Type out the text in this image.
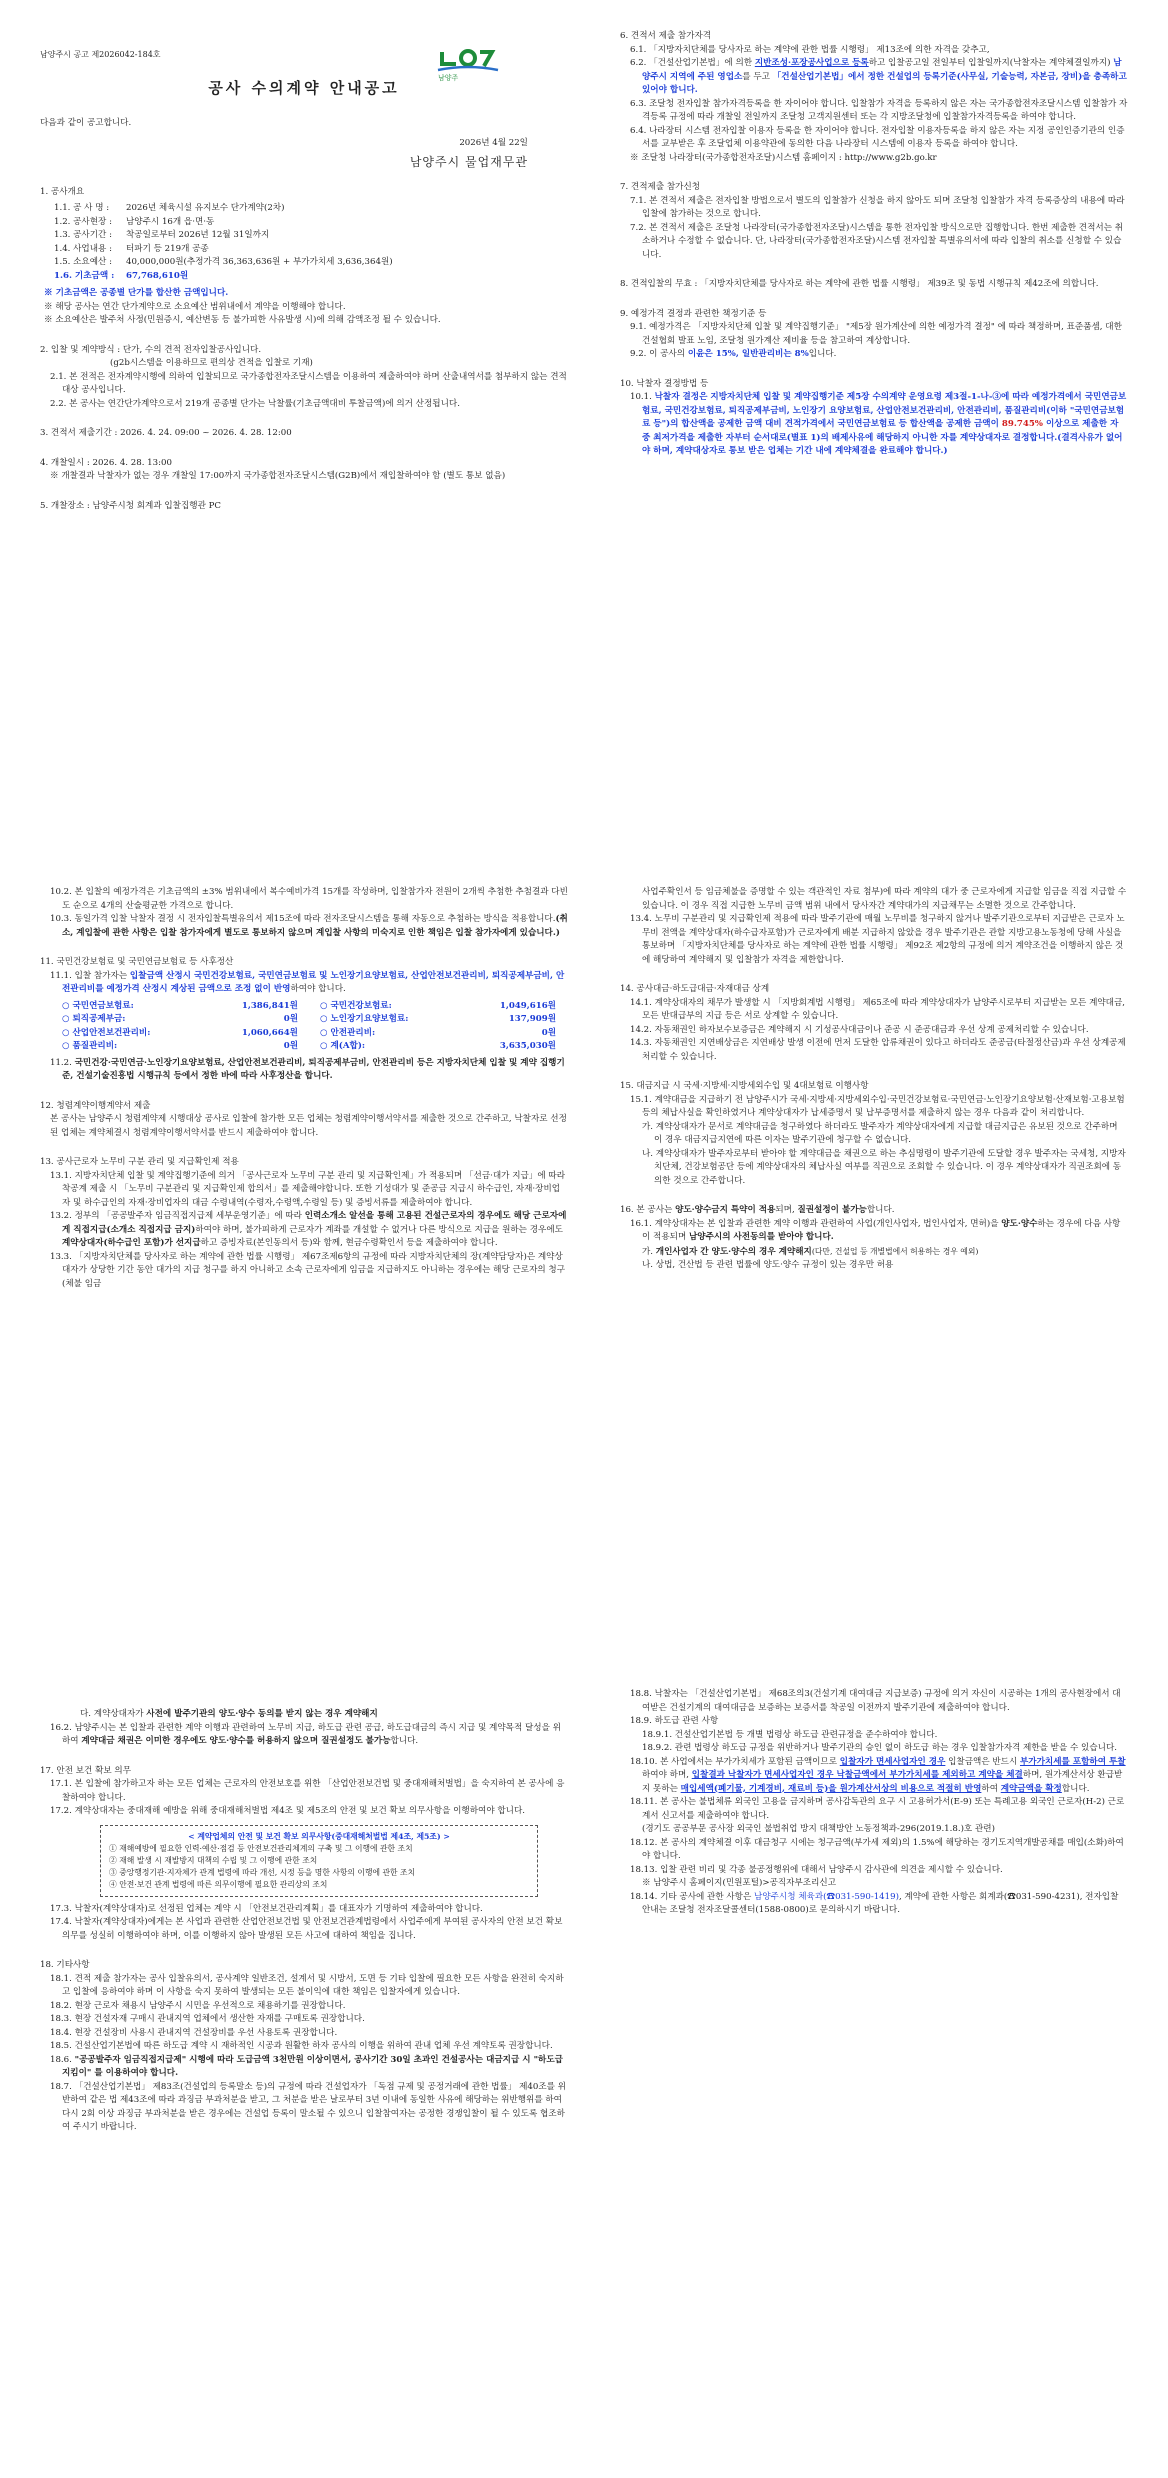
남양주

남양주시 공고 제2026042-184호

공사 수의계약 안내공고

다음과 같이 공고합니다.

2026년 4월 22일

남양주시 물업재무관

1. 공사개요

1.1. 공 사 명 :	2026년 체육시설 유지보수 단가계약(2차)
1.2. 공사현장 :	남양주시 16개 읍·면·동
1.3. 공사기간 :	착공일로부터 2026년 12월 31일까지
1.4. 사업내용 :	터파기 등 219개 공종
1.5. 소요예산 :	40,000,000원(추정가격 36,363,636원 + 부가가치세 3,636,364원)
1.6. 기초금액 :	67,768,610원

※ 기초금액은 공종별 단가를 합산한 금액입니다.

※ 해당 공사는 연간 단가계약으로 소요예산 범위내에서 계약을 이행해야 합니다.

※ 소요예산은 발주처 사정(민원증시, 예산변동 등 불가피한 사유발생 시)에 의해 감액조정 될 수 있습니다.

2. 입찰 및 계약방식 : 단가, 수의 견적 전자입찰공사입니다.

(g2b시스템을 이용하므로 편의상 견적을 입찰로 기재)

2.1. 본 전적은 전자계약시행에 의하여 입찰되므로 국가종합전자조달시스템을 이용하여 제출하여야 하며 산출내역서를 첨부하지 않는 견적대상 공사입니다.

2.2. 본 공사는 연간단가계약으로서 219개 공종별 단가는 낙찰률(기초금액대비 투찰금액)에 의거 산정됩니다.

3. 견적서 제출기간 : 2026. 4. 24. 09:00 ~ 2026. 4. 28. 12:00

4. 개찰일시 : 2026. 4. 28. 13:00

※ 개찰결과 낙찰자가 없는 경우 개찰일 17:00까지 국가종합전자조달시스템(G2B)에서 재입찰하여야 함 (별도 통보 없음)

5. 개찰장소 : 남양주시청 회계과 입찰집행관 PC

6. 견적서 제출 참가자격

6.1. 「지방자치단체를 당사자로 하는 계약에 관한 법률 시행령」 제13조에 의한 자격을 갖추고,

6.2. 「건설산업기본법」에 의한 지반조성·포장공사업으로 등록하고 입찰공고일 전일부터 입찰일까지(낙찰자는 계약체결일까지) 남양주시 지역에 주된 영업소를 두고 「건설산업기본법」에서 정한 건설업의 등록기준(사무실, 기술능력, 자본금, 장비)을 충족하고 있어야 합니다.

6.3. 조달청 전자입찰 참가자격등록을 한 자이어야 합니다. 입찰참가 자격을 등록하지 않은 자는 국가종합전자조달시스템 입찰참가 자격등록 규정에 따라 개찰일 전일까지 조달청 고객지원센터 또는 각 지방조달청에 입찰참가자격등록을 하여야 합니다.

6.4. 나라장터 시스템 전자입찰 이용자 등록을 한 자이어야 합니다. 전자입찰 이용자등록을 하지 않은 자는 지정 공인인증기관의 인증서를 교부받은 후 조달업체 이용약관에 동의한 다음 나라장터 시스템에 이용자 등록을 하여야 합니다.

※ 조달청 나라장터(국가종합전자조달)시스템 홈페이지 : http://www.g2b.go.kr

7. 견적제출 참가신청

7.1. 본 견적서 제출은 전자입찰 방법으로서 별도의 입찰참가 신청을 하지 않아도 되며 조달청 입찰참가 자격 등록증상의 내용에 따라 입찰에 참가하는 것으로 합니다.

7.2. 본 견적서 제출은 조달청 나라장터(국가종합전자조달)시스템을 통한 전자입찰 방식으로만 집행합니다. 한번 제출한 견적서는 취소하거나 수정할 수 없습니다. 단, 나라장터(국가종합전자조달)시스템 전자입찰 특별유의서에 따라 입찰의 취소를 신청할 수 있습니다.

8. 견적입찰의 무효 : 「지방자치단체를 당사자로 하는 계약에 관한 법률 시행령」 제39조 및 동법 시행규칙 제42조에 의합니다.

9. 예정가격 결정과 관련한 책정기준 등

9.1. 예정가격은 「지방자치단체 입찰 및 계약집행기준」 "제5장 원가계산에 의한 예정가격 결정" 에 따라 책정하며, 표준품셈, 대한건설협회 발표 노임, 조달청 원가계산 제비율 등을 참고하여 계상합니다.

9.2. 이 공사의 이윤은 15%, 일반관리비는 8%입니다.

10. 낙찰자 결정방법 등

10.1. 낙찰자 결정은 지방자치단체 입찰 및 계약집행기준 제5장 수의계약 운영요령 제3절-1-나-③에 따라 예정가격에서 국민연금보험료, 국민건강보험료, 퇴직공제부금비, 노인장기 요양보험료, 산업안전보건관리비, 안전관리비, 품질관리비(이하 "국민연금보험료 등")의 합산액을 공제한 금액 대비 견적가격에서 국민연금보험료 등 합산액을 공제한 금액이 89.745% 이상으로 제출한 자 중 최저가격을 제출한 자부터 순서대로(별표 1)의 배제사유에 해당하지 아니한 자를 계약상대자로 결정합니다.(결격사유가 없어야 하며, 계약대상자로 통보 받은 업체는 기간 내에 계약체결을 완료해야 합니다.)

10.2. 본 입찰의 예정가격은 기초금액의 ±3% 범위내에서 복수예비가격 15개를 작성하며, 입찰참가자 전원이 2개씩 추첨한 추첨결과 다빈도 순으로 4개의 산술평균한 가격으로 합니다.

10.3. 동일가격 입찰 낙찰자 결정 시 전자입찰특별유의서 제15조에 따라 전자조달시스템을 통해 자동으로 추첨하는 방식을 적용합니다.(취소, 계입찰에 관한 사항은 입찰 참가자에게 별도로 통보하지 않으며 계입찰 사항의 미숙지로 인한 책임은 입찰 참가자에게 있습니다.)

11. 국민건강보험료 및 국민연금보험료 등 사후정산

11.1. 입찰 참가자는 입찰금액 산정시 국민건강보험료, 국민연금보험료 및 노인장기요양보험료, 산업안전보건관리비, 퇴직공제부금비, 안전관리비를 예정가격 산정시 계상된 금액으로 조정 없이 반영하여야 합니다.

○ 국민연금보험료:	1,386,841원	○ 국민건강보험료:	1,049,616원
○ 퇴직공제부금:	0원	○ 노인장기요양보험료:	137,909원
○ 산업안전보건관리비:	1,060,664원	○ 안전관리비:	0원
○ 품질관리비:	0원	○ 계(A합):	3,635,030원

11.2. 국민건강·국민연금·노인장기요양보험료, 산업안전보건관리비, 퇴직공제부금비, 안전관리비 등은 지방자치단체 입찰 및 계약 집행기준, 건설기술진흥법 시행규칙 등에서 정한 바에 따라 사후정산을 합니다.

12. 청렴계약이행계약서 제출

본 공사는 남양주시 청렴계약제 시행대상 공사로 입찰에 참가한 모든 업체는 청렴계약이행서약서를 제출한 것으로 간주하고, 낙찰자로 선정된 업체는 계약체결시 청렴계약이행서약서를 반드시 제출하여야 합니다.

13. 공사근로자 노무비 구분 관리 및 지급확인제 적용

13.1. 지방자치단체 입찰 및 계약집행기준에 의거 「공사근로자 노무비 구분 관리 및 지급확인제」가 적용되며 「선금·대가 지급」에 따라 착공계 제출 시 「노무비 구분관리 및 지급확인제 합의서」를 제출해야합니다. 또한 기성대가 및 준공금 지급시 하수급인, 자재·장비업자 및 하수급인의 자재·장비업자의 대금 수령내역(수령자,수령액,수령일 등) 및 증빙서류를 제출하여야 합니다.

13.2. 정부의 「공공발주자 임금직접지급제 세부운영기준」에 따라 인력소개소 알선을 통해 고용된 건설근로자의 경우에도 해당 근로자에게 직접지급(소개소 직접지급 금지)하여야 하며, 불가피하게 근로자가 계좌를 개설할 수 없거나 다른 방식으로 지급을 원하는 경우에도 계약상대자(하수급인 포함)가 선지급하고 증빙자료(본인동의서 등)와 함께, 현금수령확인서 등을 제출하여야 합니다.

13.3. 「지방자치단체를 당사자로 하는 계약에 관한 법률 시행령」 제67조제6항의 규정에 따라 지방자치단체의 장(계약담당자)은 계약상대자가 상당한 기간 동안 대가의 지급 청구를 하지 아니하고 소속 근로자에게 임금을 지급하지도 아니하는 경우에는 해당 근로자의 청구(체불 임금

사업주확인서 등 임금체불을 증명할 수 있는 객관적인 자료 첨부)에 따라 계약의 대가 중 근로자에게 지급할 임금을 직접 지급할 수 있습니다. 이 경우 직접 지급한 노무비 금액 범위 내에서 당사자간 계약대가의 지급채무는 소멸한 것으로 간주합니다.

13.4. 노무비 구분관리 및 지급확인제 적용에 따라 발주기관에 매월 노무비를 청구하지 않거나 발주기관으로부터 지급받은 근로자 노무비 전액을 계약상대자(하수급자포함)가 근로자에게 배분 지급하지 않았을 경우 발주기관은 관할 지방고용노동청에 당해 사실을 통보하며 「지방자치단체를 당사자로 하는 계약에 관한 법률 시행령」 제92조 제2항의 규정에 의거 계약조건을 이행하지 않은 것에 해당하여 계약해지 및 입찰참가 자격을 제한합니다.

14. 공사대금·하도급대금·자재대금 상계

14.1. 계약상대자의 채무가 발생할 시 「지방회계법 시행령」 제65조에 따라 계약상대자가 남양주시로부터 지급받는 모든 계약대금, 모든 반대급부의 지급 등은 서로 상계할 수 있습니다.

14.2. 자동채권인 하자보수보증금은 계약해지 시 기성공사대금이나 준공 시 준공대금과 우선 상계 공제처리할 수 있습니다.

14.3. 자동채권인 지연배상금은 지연배상 발생 이전에 먼저 도달한 압류채권이 있다고 하더라도 준공금(타절정산금)과 우선 상계공제처리할 수 있습니다.

15. 대금지급 시 국세·지방세·지방세외수입 및 4대보험료 이행사항

15.1. 계약대금을 지급하기 전 남양주시가 국세·지방세·지방세외수입·국민건강보험료·국민연금·노인장기요양보험·산재보험·고용보험 등의 체납사실을 확인하였거나 계약상대자가 납세증명서 및 납부증명서를 제출하지 않는 경우 다음과 같이 처리합니다.

가. 계약상대자가 문서로 계약대금을 청구하였다 하더라도 발주자가 계약상대자에게 지급할 대금지급은 유보된 것으로 간주하며 이 경우 대금지급지연에 따른 이자는 발주기관에 청구할 수 없습니다.

나. 계약상대자가 발주자로부터 받아야 할 계약대금을 채권으로 하는 추심명령이 발주기관에 도달할 경우 발주자는 국세청, 지방자치단체, 건강보험공단 등에 계약상대자의 체납사실 여부를 직권으로 조회할 수 있습니다. 이 경우 계약상대자가 직권조회에 동의한 것으로 간주합니다.

16. 본 공사는 양도·양수금지 특약이 적용되며, 질권설정이 불가능합니다.

16.1. 계약상대자는 본 입찰과 관련한 계약 이행과 관련하여 사업(개인사업자, 법인사업자, 면허)을 양도·양수하는 경우에 다음 사항이 적용되며 남양주시의 사전동의를 받아야 합니다.

가. 개인사업자 간 양도·양수의 경우 계약해지(다만, 건설업 등 개별법에서 허용하는 경우 예외)

나. 상법, 건산법 등 관련 법률에 양도·양수 규정이 있는 경우만 허용

다. 계약상대자가 사전에 발주기관의 양도·양수 동의를 받지 않는 경우 계약해지

16.2. 남양주시는 본 입찰과 관련한 계약 이행과 관련하여 노무비 지급, 하도급 관련 공급, 하도급대금의 즉시 지급 및 계약목적 달성을 위하여 계약대금 채권은 이미한 경우에도 양도·양수를 허용하지 않으며 질권설정도 불가능합니다.

17. 안전 보건 확보 의무

17.1. 본 입찰에 참가하고자 하는 모든 업체는 근로자의 안전보호를 위한 「산업안전보건법 및 중대재해처벌법」을 숙지하여 본 공사에 응찰하여야 합니다.

17.2. 계약상대자는 중대재해 예방을 위해 중대재해처벌법 제4조 및 제5조의 안전 및 보건 확보 의무사항을 이행하여야 합니다.

< 계약업체의 안전 및 보건 확보 의무사항(중대재해처벌법 제4조, 제5조) >

① 재해예방에 필요한 인력·예산·점검 등 안전보건관리체계의 구축 및 그 이행에 관한 조치

② 재해 발생 시 재발방지 대책의 수립 및 그 이행에 관한 조치

③ 중앙행정기관·지자체가 관계 법령에 따라 개선, 시정 등을 명한 사항의 이행에 관한 조치

④ 안전·보건 관계 법령에 따른 의무이행에 필요한 관리상의 조치

17.3. 낙찰자(계약상대자)로 선정된 업체는 계약 시 「안전보건관리계획」를 대표자가 기명하여 제출하여야 합니다.

17.4. 낙찰자(계약상대자)에게는 본 사업과 관련한 산업안전보건법 및 안전보건관계법령에서 사업주에게 부여된 공사자의 안전 보건 확보 의무를 성실히 이행하여야 하며, 이를 이행하지 않아 발생된 모든 사고에 대하여 책임을 집니다.

18. 기타사항

18.1. 견적 제출 참가자는 공사 입찰유의서, 공사계약 일반조건, 설계서 및 시방서, 도면 등 기타 입찰에 필요한 모든 사항을 완전히 숙지하고 입찰에 응하여야 하며 이 사항을 숙지 못하여 발생되는 모든 불이익에 대한 책임은 입찰자에게 있습니다.

18.2. 현장 근로자 채용시 남양주시 시민을 우선적으로 채용하기를 권장합니다.

18.3. 현장 건설자재 구매시 관내지역 업체에서 생산한 자재를 구매토록 권장합니다.

18.4. 현장 건설장비 사용시 관내지역 건설장비를 우선 사용토록 권장합니다.

18.5. 건설산업기본법에 따른 하도급 계약 시 재하적인 시공과 원활한 하자 공사의 이행을 위하여 관내 업체 우선 계약토록 권장합니다.

18.6. "공공발주자 임금직접지급제" 시행에 따라 도급금액 3천만원 이상이면서, 공사기간 30일 초과인 건설공사는 대금지급 시 "하도급 지킴이" 를 이용하여야 합니다.

18.7. 「건설산업기본법」 제83조(건설업의 등록말소 등)의 규정에 따라 건설업자가 「독점 규제 및 공정거래에 관한 법률」 제40조를 위반하여 같은 법 제43조에 따라 과징금 부과처분을 받고, 그 처분을 받은 날로부터 3년 이내에 동일한 사유에 해당하는 위반행위를 하여 다시 2회 이상 과징금 부과처분을 받은 경우에는 건설업 등록이 말소될 수 있으니 입찰참여자는 공정한 경쟁입찰이 될 수 있도록 협조하여 주시기 바랍니다.

18.8. 낙찰자는 「건설산업기본법」 제68조의3(건설기계 대여대금 지급보증) 규정에 의거 자신이 시공하는 1개의 공사현장에서 대여받은 건설기계의 대여대금을 보증하는 보증서를 착공일 이전까지 발주기관에 제출하여야 합니다.

18.9. 하도급 관련 사항

18.9.1. 건설산업기본법 등 개별 법령상 하도급 관련규정을 준수하여야 합니다.

18.9.2. 관련 법령상 하도급 규정을 위반하거나 발주기관의 승인 없이 하도급 하는 경우 입찰참가자격 제한을 받을 수 있습니다.

18.10. 본 사업에서는 부가가치세가 포함된 금액이므로 입찰자가 면세사업자인 경우 입찰금액은 반드시 부가가치세를 포함하여 투찰하여야 하며, 입찰결과 낙찰자가 면세사업자인 경우 낙찰금액에서 부가가치세를 제외하고 계약을 체결하며, 원가계산서상 환급받지 못하는 매입세액(폐기물, 기계경비, 재료비 등)을 원가계산서상의 비용으로 적절히 반영하여 계약금액을 확정합니다.

18.11. 본 공사는 불법체류 외국인 고용을 금지하며 공사감독관의 요구 시 고용허가서(E-9) 또는 특례고용 외국인 근로자(H-2) 근로계서 신고서를 제출하여야 합니다.

(경기도 공공부문 공사장 외국인 불법취업 방지 대책방안 노동정책과-296(2019.1.8.)호 관련)

18.12. 본 공사의 계약체결 이후 대금청구 시에는 청구금액(부가세 제외)의 1.5%에 해당하는 경기도지역개발공채를 매입(소화)하여야 합니다.

18.13. 입찰 관련 비리 및 각종 불공정행위에 대해서 남양주시 감사관에 의견을 제시할 수 있습니다.

※ 남양주시 홈페이지(민원포털)>공직자부조리신고

18.14. 기타 공사에 관한 사항은 남양주시청 체육과(☎031-590-1419), 계약에 관한 사항은 회계과(☎031-590-4231), 전자입찰 안내는 조달청 전자조달콜센터(1588-0800)로 문의하시기 바랍니다.
